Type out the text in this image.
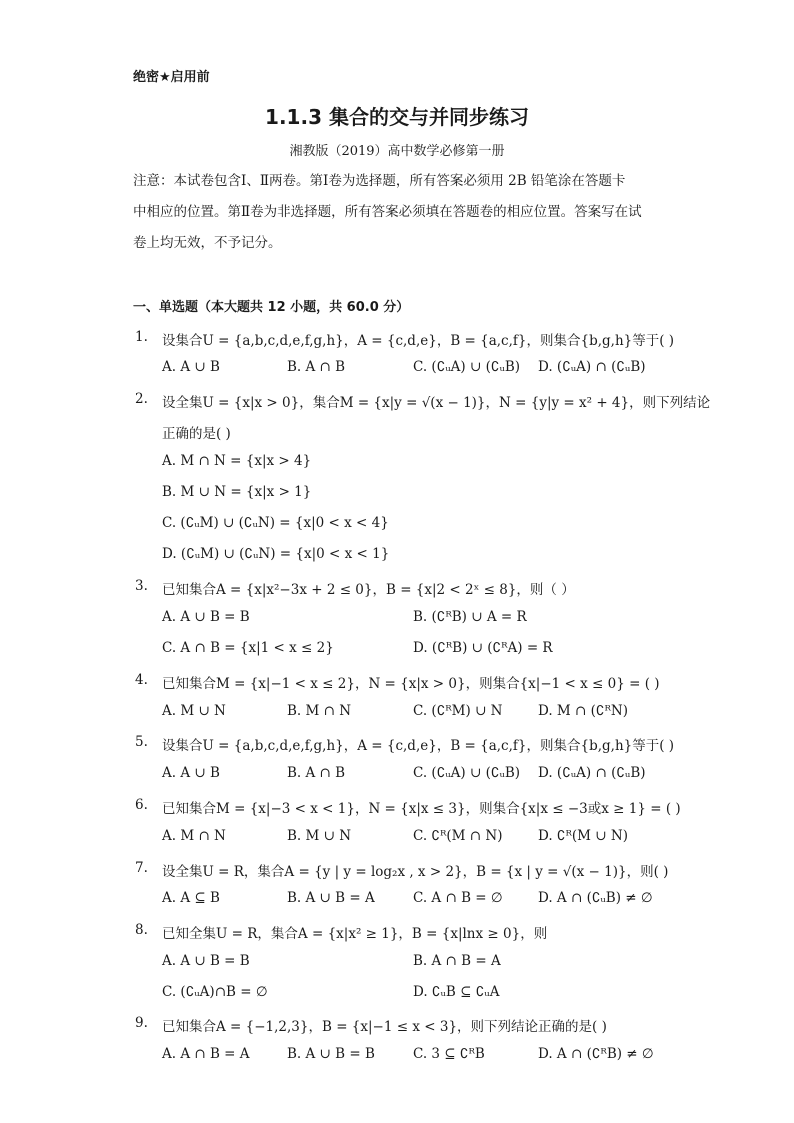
绝密★启用前
1.1.3 集合的交与并同步练习
湘教版（2019）高中数学必修第一册
注意：本试卷包含Ⅰ、Ⅱ两卷。第Ⅰ卷为选择题，所有答案必须用 2B 铅笔涂在答题卡
中相应的位置。第Ⅱ卷为非选择题，所有答案必须填在答题卷的相应位置。答案写在试
卷上均无效，不予记分。
一、单选题（本大题共 12 小题，共 60.0 分）
1. 设集合U = {a,b,c,d,e,f,g,h}，A = {c,d,e}，B = {a,c,f}，则集合{b,g,h}等于( )
A. A ∪ B	B. A ∩ B	C. (∁ᵤA) ∪ (∁ᵤB) D. (∁ᵤA) ∩ (∁ᵤB)
2. 设全集U = {x|x > 0}，集合M = {x|y = √(x − 1)}，N = {y|y = x² + 4}，则下列结论
正确的是( )
A. M ∩ N = {x|x > 4}
B. M ∪ N = {x|x > 1}
C. (∁ᵤM) ∪ (∁ᵤN) = {x|0 < x < 4}
D. (∁ᵤM) ∪ (∁ᵤN) = {x|0 < x < 1}
3. 已知集合A = {x|x²−3x + 2 ≤ 0}，B = {x|2 < 2ˣ ≤ 8}，则（ ）
A. A ∪ B = B	B. (∁ᴿB) ∪ A = R
C. A ∩ B = {x|1 < x ≤ 2}	D. (∁ᴿB) ∪ (∁ᴿA) = R
4. 已知集合M = {x|−1 < x ≤ 2}，N = {x|x > 0}，则集合{x|−1 < x ≤ 0} = ( )
A. M ∪ N	B. M ∩ N	C. (∁ᴿM) ∪ N	D. M ∩ (∁ᴿN)
5. 设集合U = {a,b,c,d,e,f,g,h}，A = {c,d,e}，B = {a,c,f}，则集合{b,g,h}等于( )
A. A ∪ B	B. A ∩ B	C. (∁ᵤA) ∪ (∁ᵤB) D. (∁ᵤA) ∩ (∁ᵤB)
6. 已知集合M = {x|−3 < x < 1}，N = {x|x ≤ 3}，则集合{x|x ≤ −3或x ≥ 1} = ( )
A. M ∩ N	B. M ∪ N	C. ∁ᴿ(M ∩ N)	D. ∁ᴿ(M ∪ N)
7. 设全集U = R，集合A = {y | y = log₂x , x > 2}，B = {x | y = √(x − 1)}，则( )
A. A ⊆ B	B. A ∪ B = A	C. A ∩ B = ∅	D. A ∩ (∁ᵤB) ≠ ∅
8. 已知全集U = R，集合A = {x|x² ≥ 1}，B = {x|lnx ≥ 0}，则
A. A ∪ B = B	B. A ∩ B = A
C. (∁ᵤA)∩B = ∅	D. ∁ᵤB ⊆ ∁ᵤA
9. 已知集合A = {−1,2,3}，B = {x|−1 ≤ x < 3}，则下列结论正确的是( )
A. A ∩ B = A	B. A ∪ B = B	C. 3 ⊆ ∁ᴿB	D. A ∩ (∁ᴿB) ≠ ∅
